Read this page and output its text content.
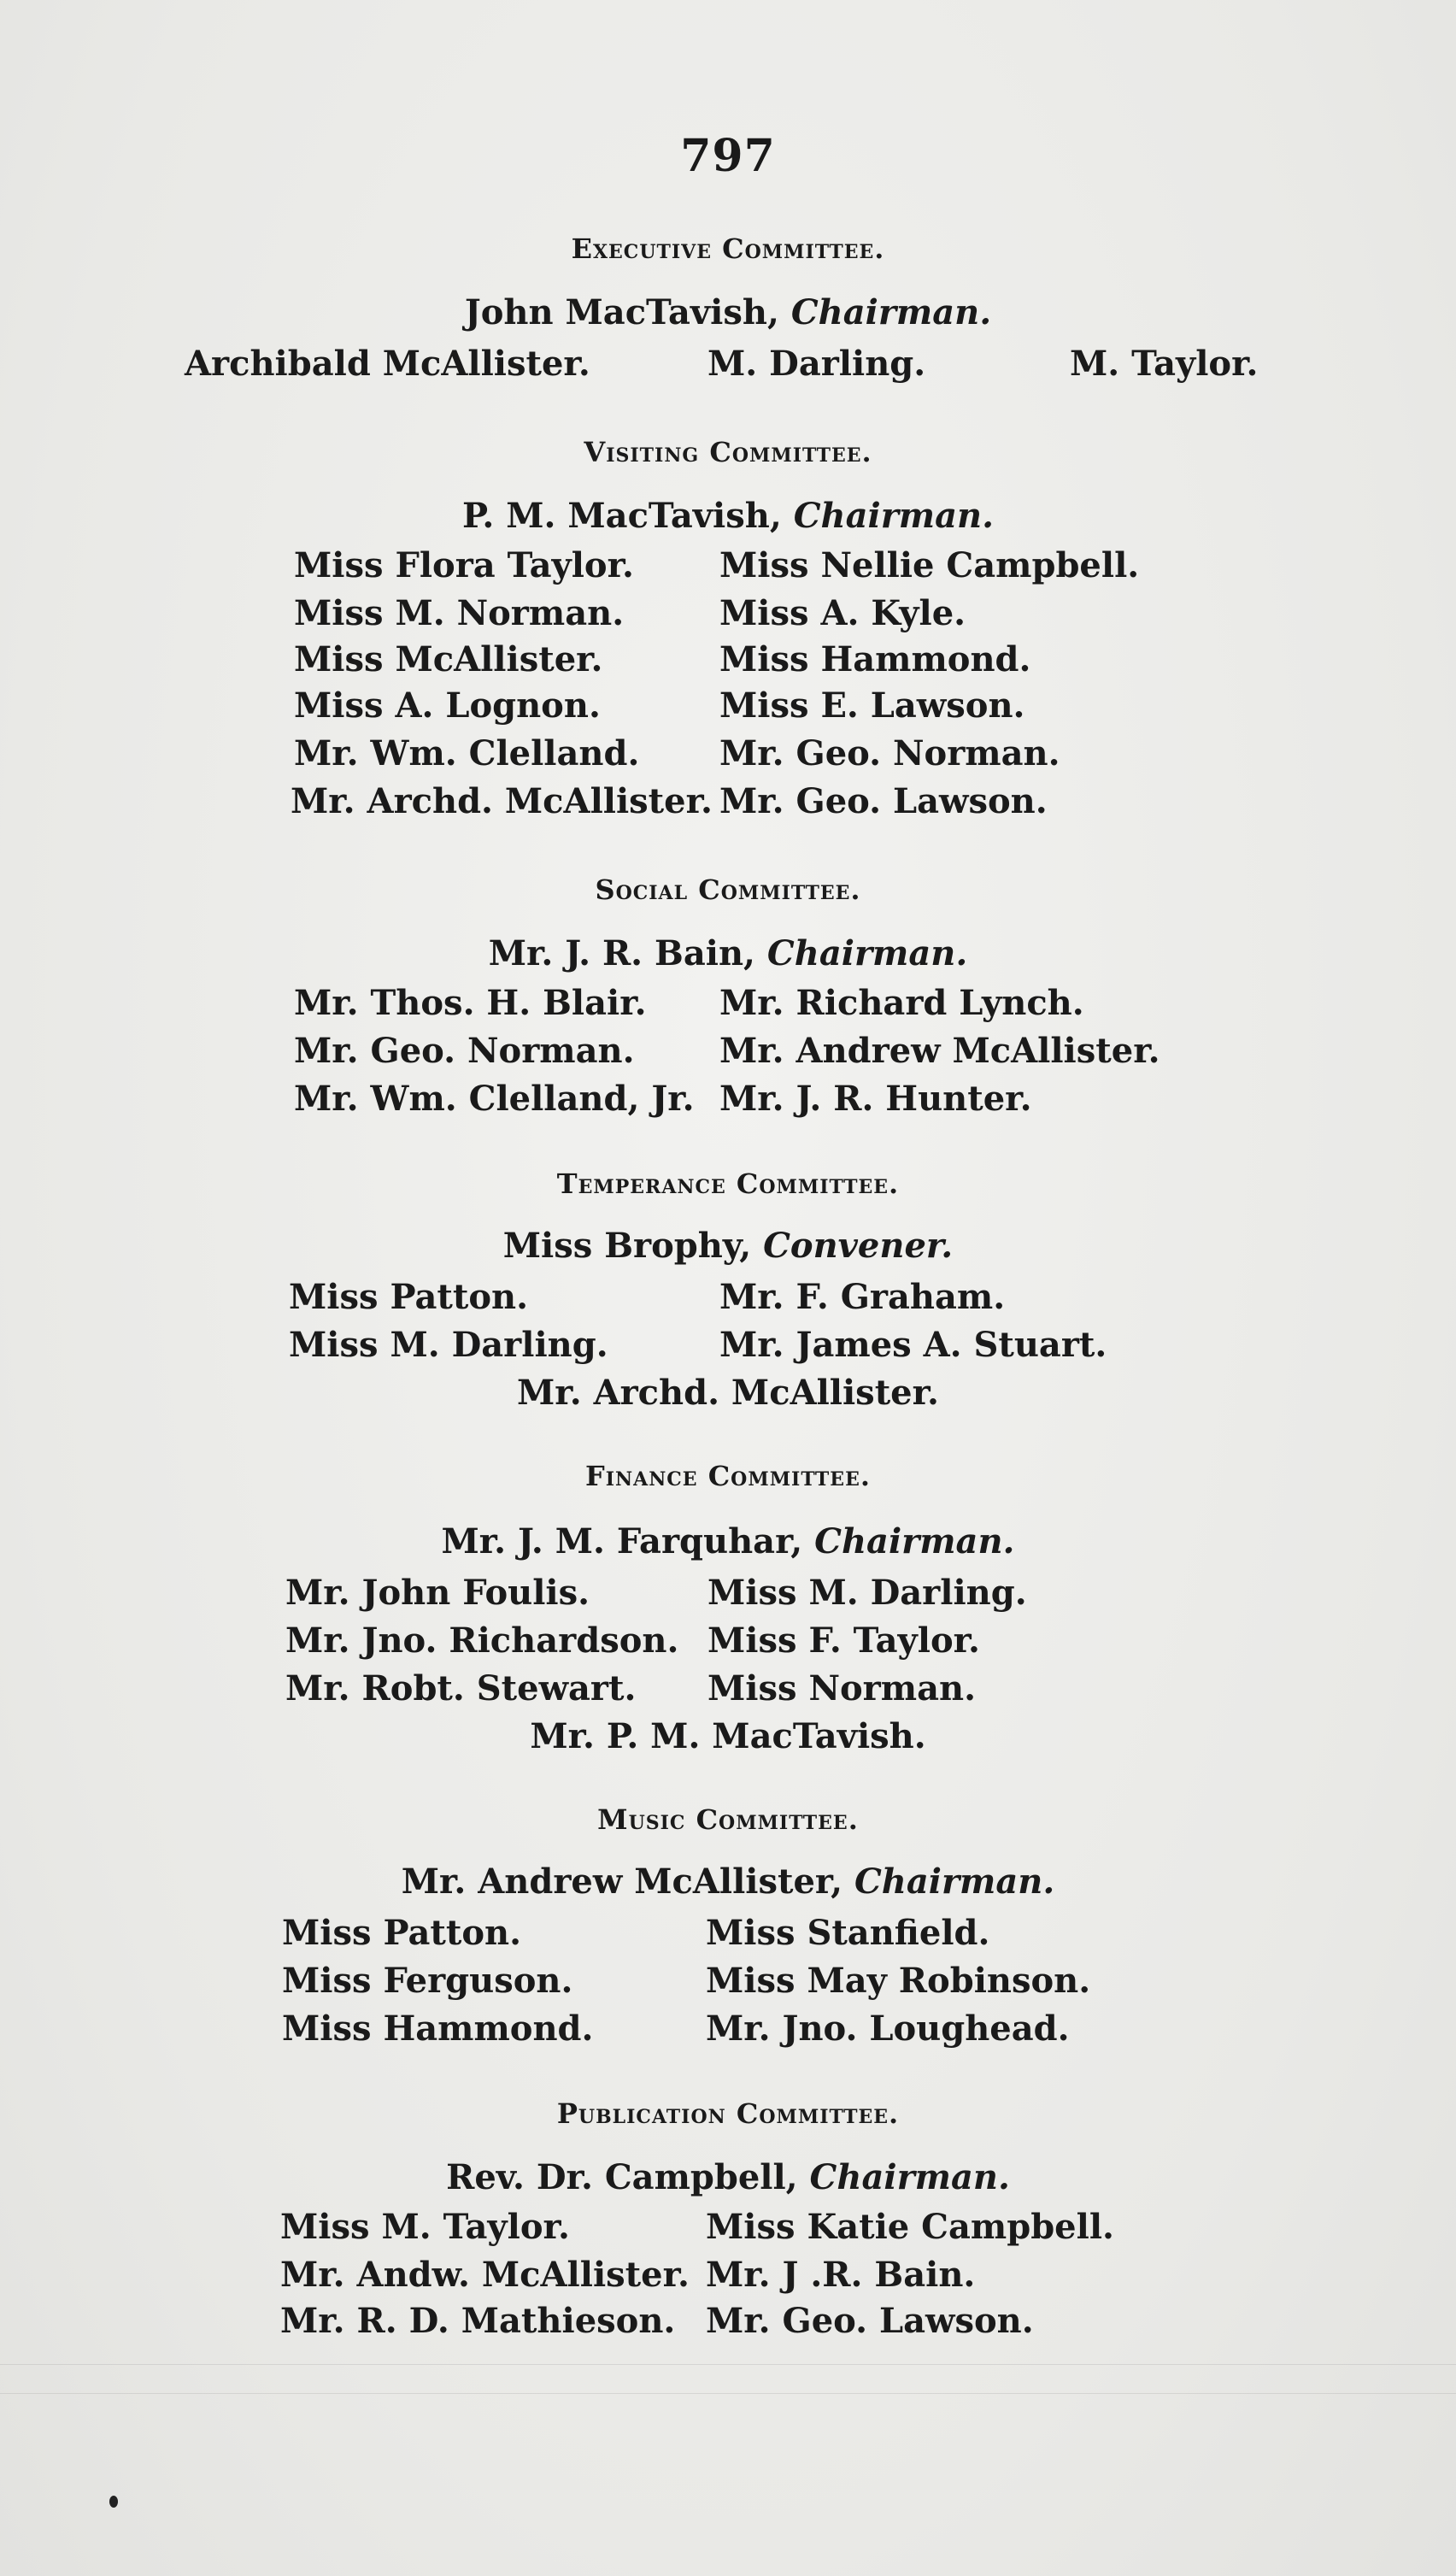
797
Executive Committee.
John MacTavish, Chairman.
Archibald McAllister.	M. Darling.	M. Taylor.
Visiting Committee.
P. M. MacTavish, Chairman.
Miss Flora Taylor.	Miss Nellie Campbell.
Miss M. Norman.	Miss A. Kyle.
Miss McAllister.	Miss Hammond.
Miss A. Lognon.	Miss E. Lawson.
Mr. Wm. Clelland. Mr. Geo. Norman.
Mr. Archd. McAllister. Mr. Geo. Lawson.
Social Committee.
Mr. J. R. Bain, Chairman.
Mr. Thos. H. Blair. Mr. Richard Lynch.
Mr. Geo. Norman. Mr. Andrew McAllister.
Mr. Wm. Clelland, Jr. Mr. J. R. Hunter.
Temperance Committee.
Miss Brophy, Convener.
Miss Patton.	Mr. F. Graham.
Miss M. Darling.	Mr. James A. Stuart.
Mr. Archd. McAllister.
Finance Committee.
Mr. J. M. Farquhar, Chairman.
Mr. John Foulis.	Miss M. Darling.
Mr. Jno. Richardson. Miss F. Taylor.
Mr. Robt. Stewart. Miss Norman.
Mr. P. M. MacTavish.
Music Committee.
Mr. Andrew McAllister, Chairman.
Miss Patton.	Miss Stanfield.
Miss Ferguson.	Miss May Robinson.
Miss Hammond.	Mr. Jno. Loughead.
Publication Committee.
Rev. Dr. Campbell, Chairman.
Miss M. Taylor.	Miss Katie Campbell.
Mr. Andw. McAllister. Mr. J .R. Bain.
Mr. R. D. Mathieson. Mr. Geo. Lawson.
